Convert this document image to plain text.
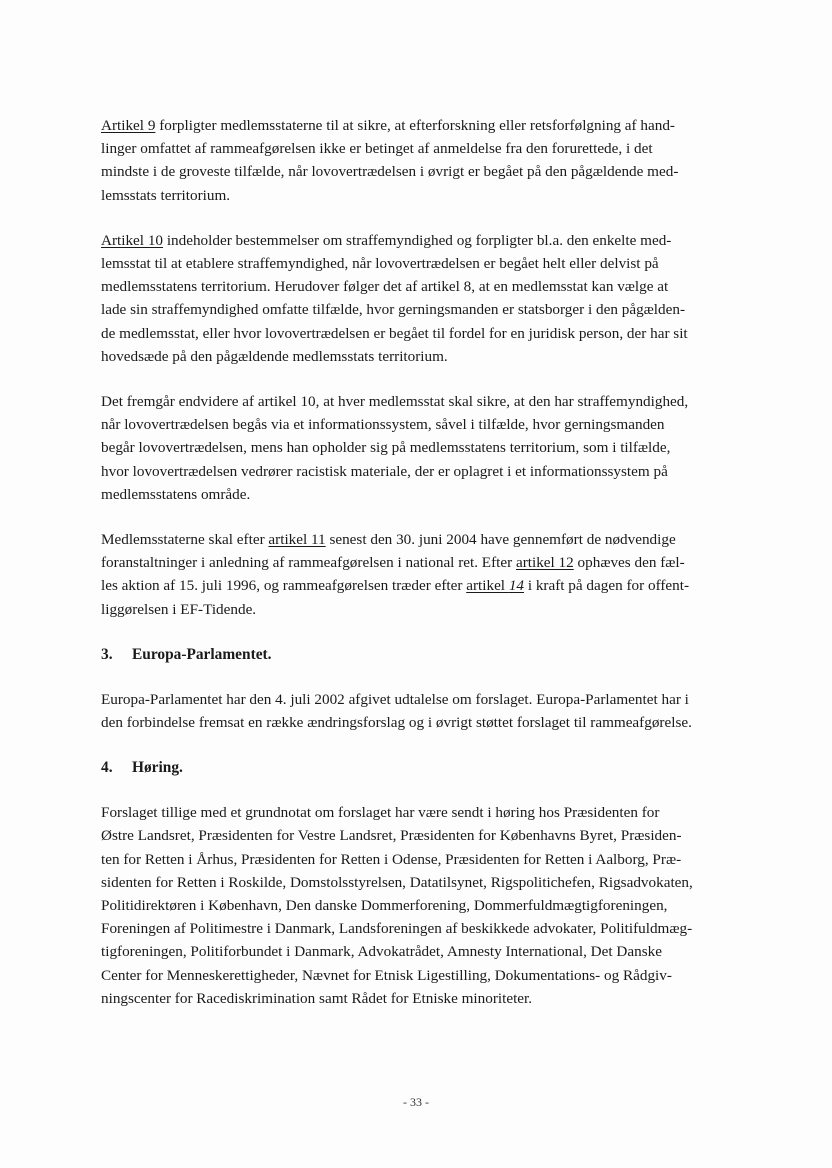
Artikel 9 forpligter medlemsstaterne til at sikre, at efterforskning eller retsforfølgning af hand-
linger omfattet af rammeafgørelsen ikke er betinget af anmeldelse fra den forurettede, i det
mindste i de groveste tilfælde, når lovovertrædelsen i øvrigt er begået på den pågældende med-
lemsstats territorium.

Artikel 10 indeholder bestemmelser om straffemyndighed og forpligter bl.a. den enkelte med-
lemsstat til at etablere straffemyndighed, når lovovertrædelsen er begået helt eller delvist på
medlemsstatens territorium. Herudover følger det af artikel 8, at en medlemsstat kan vælge at
lade sin straffemyndighed omfatte tilfælde, hvor gerningsmanden er statsborger i den pågælden-
de medlemsstat, eller hvor lovovertrædelsen er begået til fordel for en juridisk person, der har sit
hovedsæde på den pågældende medlemsstats territorium.

Det fremgår endvidere af artikel 10, at hver medlemsstat skal sikre, at den har straffemyndighed,
når lovovertrædelsen begås via et informationssystem, såvel i tilfælde, hvor gerningsmanden
begår lovovertrædelsen, mens han opholder sig på medlemsstatens territorium, som i tilfælde,
hvor lovovertrædelsen vedrører racistisk materiale, der er oplagret i et informationssystem på
medlemsstatens område.

Medlemsstaterne skal efter artikel 11 senest den 30. juni 2004 have gennemført de nødvendige
foranstaltninger i anledning af rammeafgørelsen i national ret. Efter artikel 12 ophæves den fæl-
les aktion af 15. juli 1996, og rammeafgørelsen træder efter artikel 14 i kraft på dagen for offent-
liggørelsen i EF-Tidende.

3.	Europa-Parlamentet.

Europa-Parlamentet har den 4. juli 2002 afgivet udtalelse om forslaget. Europa-Parlamentet har i
den forbindelse fremsat en række ændringsforslag og i øvrigt støttet forslaget til rammeafgørelse.

4.	Høring.

Forslaget tillige med et grundnotat om forslaget har være sendt i høring hos Præsidenten for
Østre Landsret, Præsidenten for Vestre Landsret, Præsidenten for Københavns Byret, Præsiden-
ten for Retten i Århus, Præsidenten for Retten i Odense, Præsidenten for Retten i Aalborg, Præ-
sidenten for Retten i Roskilde, Domstolsstyrelsen, Datatilsynet, Rigspolitichefen, Rigsadvokaten,
Politidirektøren i København, Den danske Dommerforening, Dommerfuldmægtigforeningen,
Foreningen af Politimestre i Danmark, Landsforeningen af beskikkede advokater, Politifuldmæg-
tigforeningen, Politiforbundet i Danmark, Advokatrådet, Amnesty International, Det Danske
Center for Menneskerettigheder, Nævnet for Etnisk Ligestilling, Dokumentations- og Rådgiv-
ningscenter for Racediskrimination samt Rådet for Etniske minoriteter.

- 33 -
